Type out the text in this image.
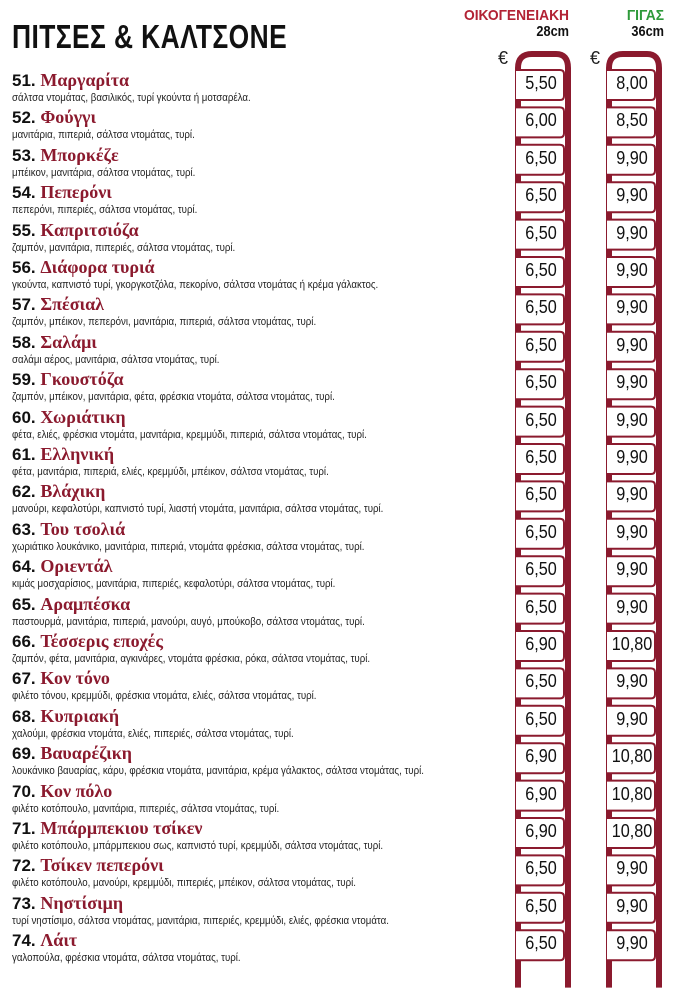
ΠΙΤΣΕΣ & ΚΑΛΤΣΟΝΕ
ΟΙΚΟΓΕΝΕΙΑΚΗ
28cm
ΓΙΓΑΣ
36cm
€	€
51. Μαργαρίτα
σάλτσα ντομάτας, βασιλικός, τυρί γκούντα ή μοτσαρέλα.
5,50	8,00
52. Φούγγι
μανιτάρια, πιπεριά, σάλτσα ντομάτας, τυρί.
6,00	8,50
53. Μπορκέζε
μπέικον, μανιτάρια, σάλτσα ντομάτας, τυρί.
6,50	9,90
54. Πεπερόνι
πεπερόνι, πιπεριές, σάλτσα ντομάτας, τυρί.
6,50	9,90
55. Καπριτσιόζα
ζαμπόν, μανιτάρια, πιπεριές, σάλτσα ντομάτας, τυρί.
6,50	9,90
56. Διάφορα τυριά
γκούντα, καπνιστό τυρί, γκοργκοτζόλα, πεκορίνο, σάλτσα ντομάτας ή κρέμα γάλακτος.
6,50	9,90
57. Σπέσιαλ
ζαμπόν, μπέικον, πεπερόνι, μανιτάρια, πιπεριά, σάλτσα ντομάτας, τυρί.
6,50	9,90
58. Σαλάμι
σαλάμι αέρος, μανιτάρια, σάλτσα ντομάτας, τυρί.
6,50	9,90
59. Γκουστόζα
ζαμπόν, μπέικον, μανιτάρια, φέτα, φρέσκια ντομάτα, σάλτσα ντομάτας, τυρί.
6,50	9,90
60. Χωριάτικη
φέτα, ελιές, φρέσκια ντομάτα, μανιτάρια, κρεμμύδι, πιπεριά, σάλτσα ντομάτας, τυρί.
6,50	9,90
61. Ελληνική
φέτα, μανιτάρια, πιπεριά, ελιές, κρεμμύδι, μπέικον, σάλτσα ντομάτας, τυρί.
6,50	9,90
62. Βλάχικη
μανούρι, κεφαλοτύρι, καπνιστό τυρί, λιαστή ντομάτα, μανιτάρια, σάλτσα ντομάτας, τυρί.
6,50	9,90
63. Του τσολιά
χωριάτικο λουκάνικο, μανιτάρια, πιπεριά, ντομάτα φρέσκια, σάλτσα ντομάτας, τυρί.
6,50	9,90
64. Οριεντάλ
κιμάς μοσχαρίσιος, μανιτάρια, πιπεριές, κεφαλοτύρι, σάλτσα ντομάτας, τυρί.
6,50	9,90
65. Αραμπέσκα
παστουρμά, μανιτάρια, πιπεριά, μανούρι, αυγό, μπούκοβο, σάλτσα ντομάτας, τυρί.
6,50	9,90
66. Τέσσερις εποχές
ζαμπόν, φέτα, μανιτάρια, αγκινάρες, ντομάτα φρέσκια, ρόκα, σάλτσα ντομάτας, τυρί.
6,90	10,80
67. Κον τόνο
φιλέτο τόνου, κρεμμύδι, φρέσκια ντομάτα, ελιές, σάλτσα ντομάτας, τυρί.
6,50	9,90
68. Κυπριακή
χαλούμι, φρέσκια ντομάτα, ελιές, πιπεριές, σάλτσα ντομάτας, τυρί.
6,50	9,90
69. Βαυαρέζικη
λουκάνικο βαυαρίας, κάρυ, φρέσκια ντομάτα, μανιτάρια, κρέμα γάλακτος, σάλτσα ντομάτας, τυρί.
6,90	10,80
70. Κον πόλο
φιλέτο κοτόπουλο, μανιτάρια, πιπεριές, σάλτσα ντομάτας, τυρί.
6,90	10,80
71. Μπάρμπεκιου τσίκεν
φιλέτο κοτόπουλο, μπάρμπεκιου σως, καπνιστό τυρί, κρεμμύδι, σάλτσα ντομάτας, τυρί.
6,90	10,80
72. Τσίκεν πεπερόνι
φιλέτο κοτόπουλο, μανούρι, κρεμμύδι, πιπεριές, μπέικον, σάλτσα ντομάτας, τυρί.
6,50	9,90
73. Νηστίσιμη
τυρί νηστίσιμο, σάλτσα ντομάτας, μανιτάρια, πιπεριές, κρεμμύδι, ελιές, φρέσκια ντομάτα.
6,50	9,90
74. Λάιτ
γαλοπούλα, φρέσκια ντομάτα, σάλτσα ντομάτας, τυρί.
6,50	9,90
